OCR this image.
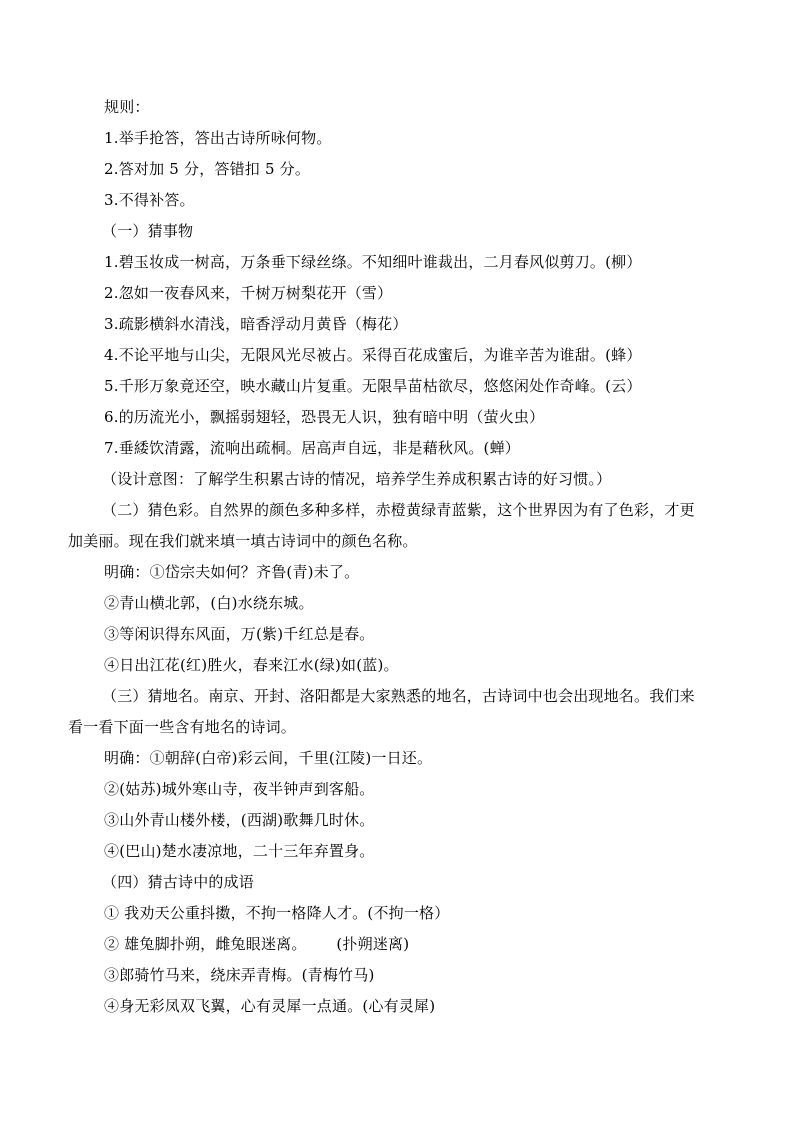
规则：
1.举手抢答，答出古诗所咏何物。
2.答对加 5 分，答错扣 5 分。
3.不得补答。
（一）猜事物
1.碧玉妆成一树高，万条垂下绿丝绦。不知细叶谁裁出，二月春风似剪刀。(柳）
2.忽如一夜春风来，千树万树梨花开（雪）
3.疏影横斜水清浅，暗香浮动月黄昏（梅花）
4.不论平地与山尖，无限风光尽被占。采得百花成蜜后，为谁辛苦为谁甜。(蜂）
5.千形万象竟还空，映水藏山片复重。无限旱苗枯欲尽，悠悠闲处作奇峰。(云）
6.的历流光小，飘摇弱翅轻，恐畏无人识，独有暗中明（萤火虫）
7.垂緌饮清露，流响出疏桐。居高声自远，非是藉秋风。(蝉）
（设计意图：了解学生积累古诗的情况，培养学生养成积累古诗的好习惯。）
（二）猜色彩。自然界的颜色多种多样，赤橙黄绿青蓝紫，这个世界因为有了色彩，才更
加美丽。现在我们就来填一填古诗词中的颜色名称。
明确：①岱宗夫如何？齐鲁(青)未了。
②青山横北郭，(白)水绕东城。
③等闲识得东风面，万(紫)千红总是春。
④日出江花(红)胜火，春来江水(绿)如(蓝)。
（三）猜地名。南京、开封、洛阳都是大家熟悉的地名，古诗词中也会出现地名。我们来
看一看下面一些含有地名的诗词。
明确：①朝辞(白帝)彩云间，千里(江陵)一日还。
②(姑苏)城外寒山寺，夜半钟声到客船。
③山外青山楼外楼，(西湖)歌舞几时休。
④(巴山)楚水凄凉地，二十三年弃置身。
（四）猜古诗中的成语
① 我劝天公重抖擞，不拘一格降人才。(不拘一格）
② 雄兔脚扑朔，雌兔眼迷离。      (扑朔迷离)
③郎骑竹马来，绕床弄青梅。(青梅竹马)
④身无彩凤双飞翼，心有灵犀一点通。(心有灵犀)
